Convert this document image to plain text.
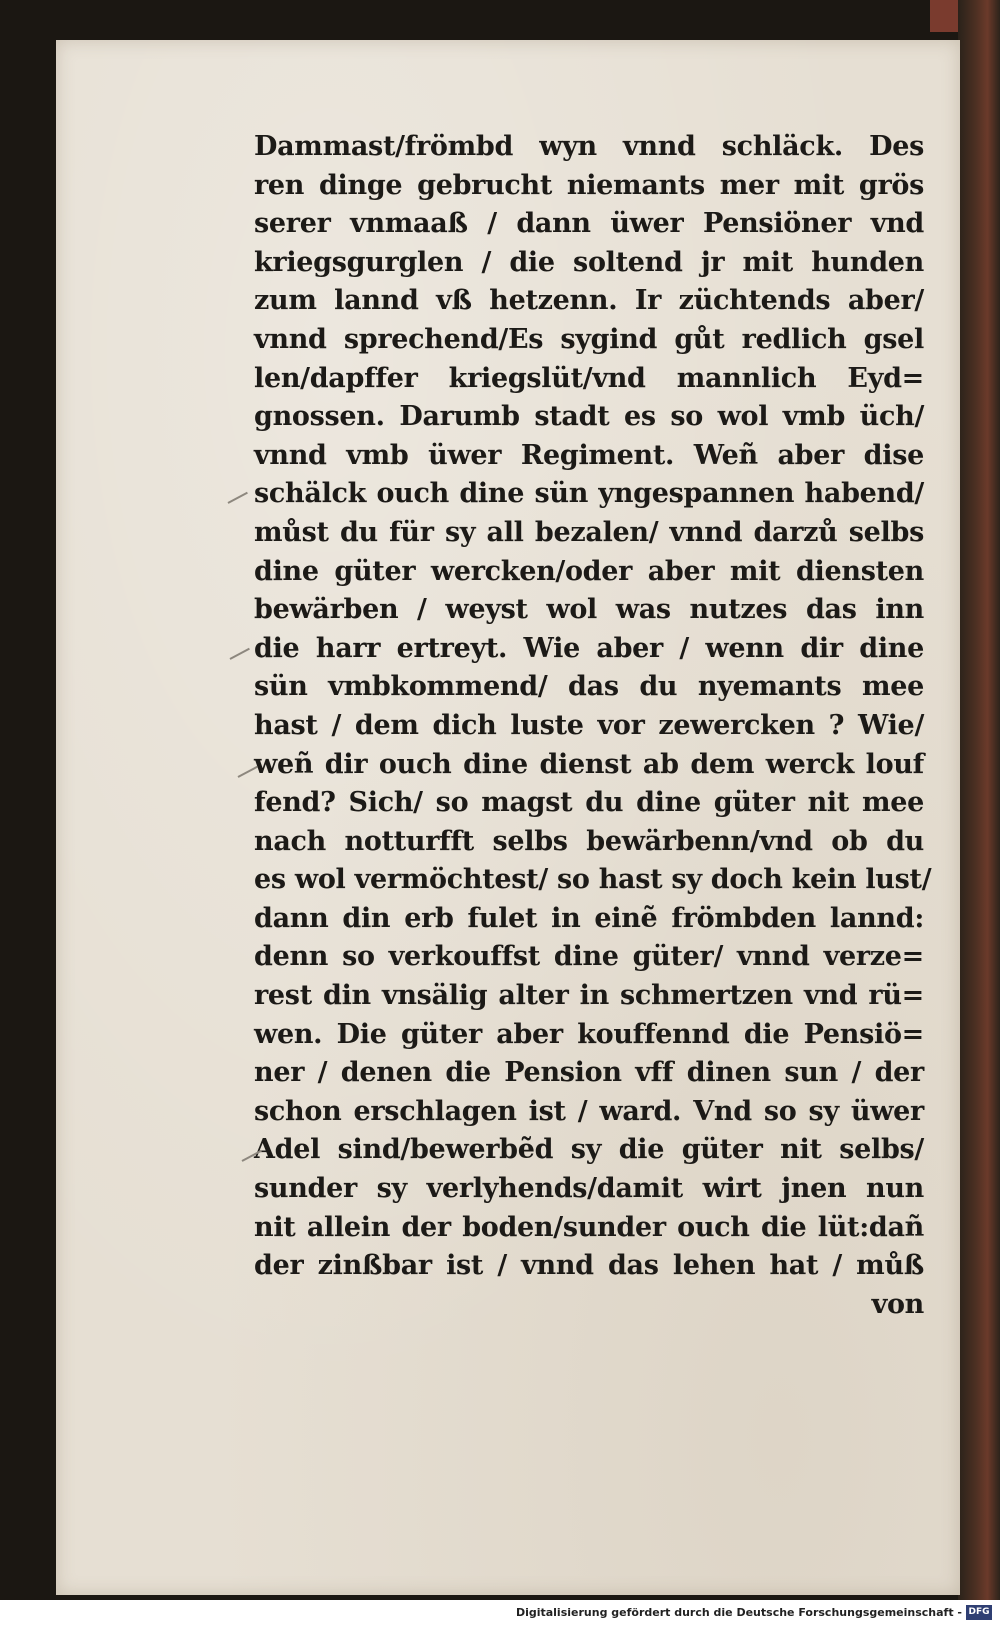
Dammast/frömbd wyn vnnd schläck. Des
ren dinge gebrucht niemants mer mit grös
serer vnmaaß / dann üwer Pensiöner vnd
kriegsgurglen / die soltend jr mit hunden
zum lannd vß hetzenn. Ir züchtends aber/
vnnd sprechend/Es sygind gůt redlich gsel
len/dapffer kriegslüt/vnd mannlich Eyd=
gnossen. Darumb stadt es so wol vmb üch/
vnnd vmb üwer Regiment. Weñ aber dise
schälck ouch dine sün yngespannen habend/
můst du für sy all bezalen/ vnnd darzů selbs
dine güter wercken/oder aber mit diensten
bewärben / weyst wol was nutzes das inn
die harr ertreyt. Wie aber / wenn dir dine
sün vmbkommend/ das du nyemants mee
hast / dem dich luste vor zewercken ? Wie/
weñ dir ouch dine dienst ab dem werck louf
fend? Sich/ so magst du dine güter nit mee
nach notturfft selbs bewärbenn/vnd ob du
es wol vermöchtest/ so hast sy doch kein lust/
dann din erb fulet in einẽ frömbden lannd:
denn so verkouffst dine güter/ vnnd verze=
rest din vnsälig alter in schmertzen vnd rü=
wen. Die güter aber kouffennd die Pensiö=
ner / denen die Pension vff dinen sun / der
schon erschlagen ist / ward. Vnd so sy üwer
Adel sind/bewerbẽd sy die güter nit selbs/
sunder sy verlyhends/damit wirt jnen nun
nit allein der boden/sunder ouch die lüt:dañ
der zinßbar ist / vnnd das lehen hat / můß
von
Digitalisierung gefördert durch die Deutsche Forschungsgemeinschaft - DFG
